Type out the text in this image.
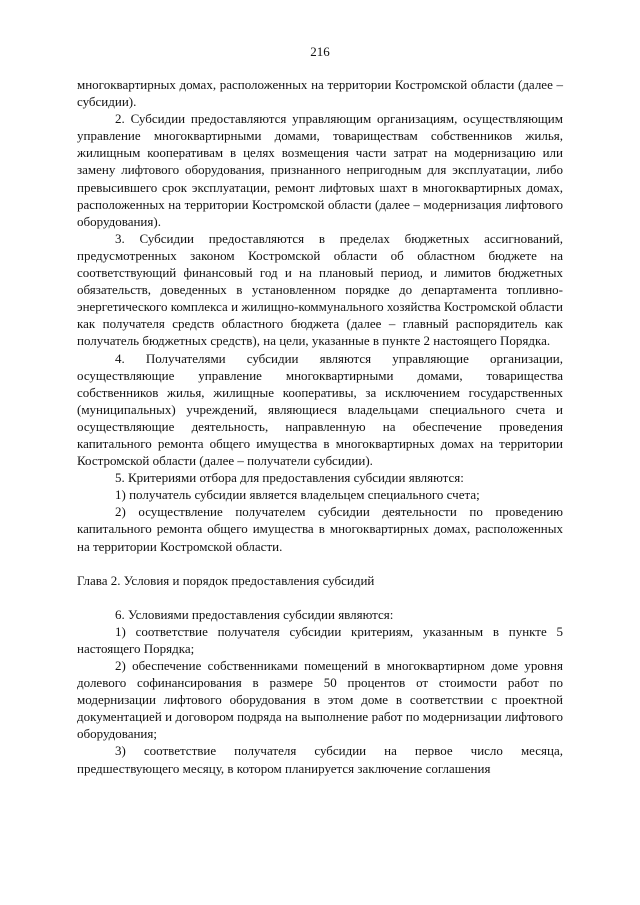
216

многоквартирных домах, расположенных на территории Костромской области (далее – субсидии).

2. Субсидии предоставляются управляющим организациям, осуществляющим управление многоквартирными домами, товариществам собственников жилья, жилищным кооперативам в целях возмещения части затрат на модернизацию или замену лифтового оборудования, признанного непригодным для эксплуатации, либо превысившего срок эксплуатации, ремонт лифтовых шахт в многоквартирных домах, расположенных на территории Костромской области (далее – модернизация лифтового оборудования).

3. Субсидии предоставляются в пределах бюджетных ассигнований, предусмотренных законом Костромской области об областном бюджете на соответствующий финансовый год и на плановый период, и лимитов бюджетных обязательств, доведенных в установленном порядке до департамента топливно-энергетического комплекса и жилищно-коммунального хозяйства Костромской области как получателя средств областного бюджета (далее – главный распорядитель как получатель бюджетных средств), на цели, указанные в пункте 2 настоящего Порядка.

4. Получателями субсидии являются управляющие организации, осуществляющие управление многоквартирными домами, товарищества собственников жилья, жилищные кооперативы, за исключением государственных (муниципальных) учреждений, являющиеся владельцами специального счета и осуществляющие деятельность, направленную на обеспечение проведения капитального ремонта общего имущества в многоквартирных домах на территории Костромской области (далее – получатели субсидии).

5. Критериями отбора для предоставления субсидии являются:

1) получатель субсидии является владельцем специального счета;

2) осуществление получателем субсидии деятельности по проведению капитального ремонта общего имущества в многоквартирных домах, расположенных на территории Костромской области.

Глава 2. Условия и порядок предоставления субсидий

6. Условиями предоставления субсидии являются:

1) соответствие получателя субсидии критериям, указанным в пункте 5 настоящего Порядка;

2) обеспечение собственниками помещений в многоквартирном доме уровня долевого софинансирования в размере 50 процентов от стоимости работ по модернизации лифтового оборудования в этом доме в соответствии с проектной документацией и договором подряда на выполнение работ по модернизации лифтового оборудования;

3) соответствие получателя субсидии на первое число месяца, предшествующего месяцу, в котором планируется заключение соглашения
